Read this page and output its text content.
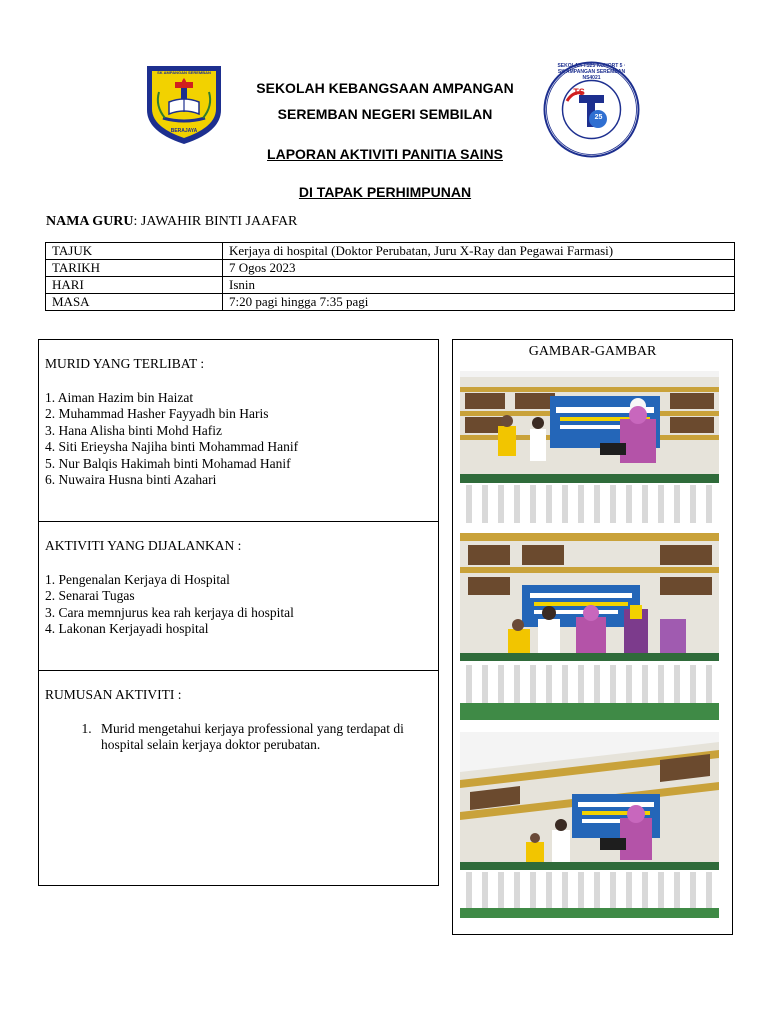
SK AMPANGAN SEREMBAN
BERAJAYA
SEKOLAH TS25 KOHORT 5 · SK AMPANGAN SEREMBAN NS4021
TS
25
SEKOLAH KEBANGSAAN AMPANGAN
SEREMBAN NEGERI SEMBILAN
LAPORAN AKTIVITI PANITIA SAINS
DI TAPAK PERHIMPUNAN
NAMA GURU: JAWAHIR BINTI JAAFAR
TAJUK	Kerjaya di hospital (Doktor Perubatan, Juru X-Ray dan Pegawai Farmasi)
TARIKH	7 Ogos 2023
HARI	Isnin
MASA	7:20 pagi hingga 7:35 pagi
MURID YANG TERLIBAT :
1. Aiman Hazim bin Haizat
2. Muhammad Hasher Fayyadh bin Haris
3. Hana Alisha binti Mohd Hafiz
4. Siti Erieysha Najiha binti Mohammad Hanif
5. Nur Balqis Hakimah binti Mohamad Hanif
6. Nuwaira Husna binti Azahari
AKTIVITI YANG DIJALANKAN :
1. Pengenalan Kerjaya di Hospital
2. Senarai Tugas
3. Cara memnjurus kea rah kerjaya di hospital
4. Lakonan Kerjayadi hospital
RUMUSAN AKTIVITI :
1. Murid mengetahui kerjaya professional yang terdapat di hospital selain kerjaya doktor perubatan.
GAMBAR-GAMBAR
